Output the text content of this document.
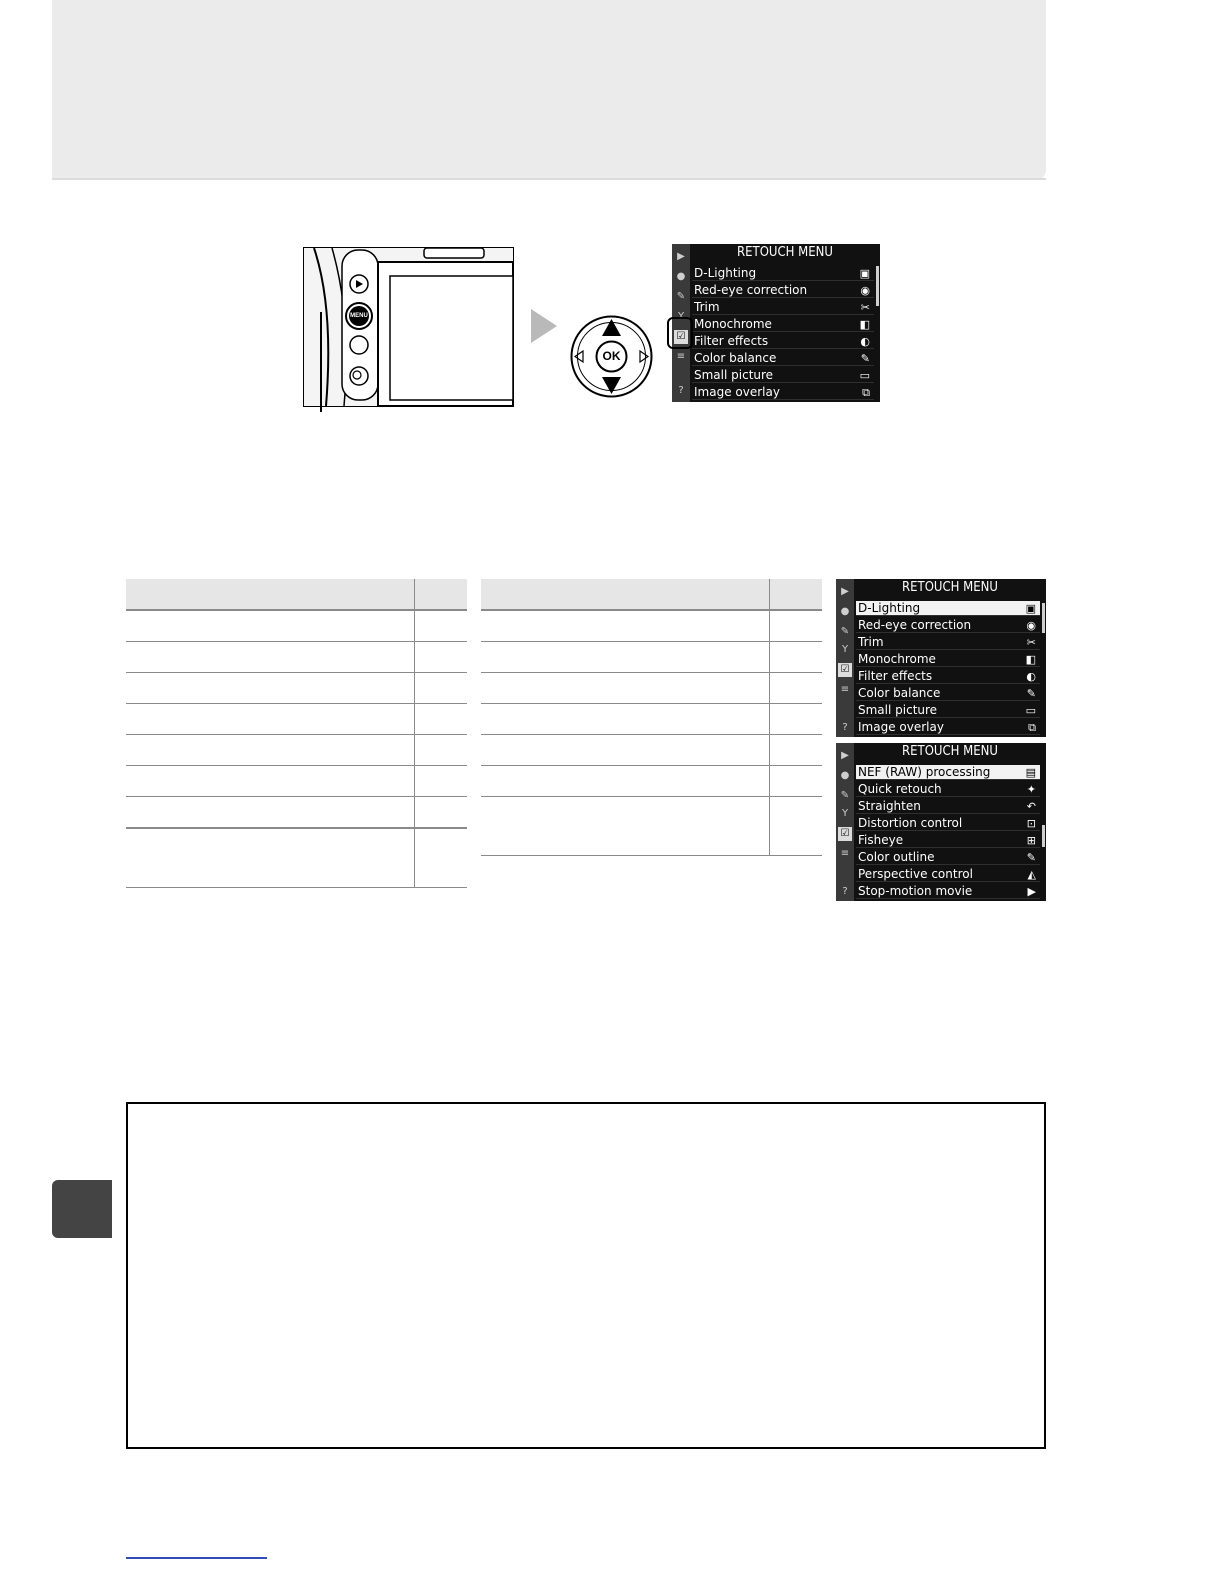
MENU
OK
▶
●
✎
Y
☑
≡
?
RETOUCH MENU
D-Lighting	▣
Red-eye correction	◉
Trim	✂
Monochrome	◧
Filter effects	◐
Color balance	✎
Small picture	▭
Image overlay	⧉

▶
●
✎
Y
☑
≡
?
RETOUCH MENU
D-Lighting	▣
Red-eye correction	◉
Trim	✂
Monochrome	◧
Filter effects	◐
Color balance	✎
Small picture	▭
Image overlay	⧉
▶
●
✎
Y
☑
≡
?
RETOUCH MENU
NEF (RAW) processing	▤
Quick retouch	✦
Straighten	↶
Distortion control	⊡
Fisheye	⊞
Color outline	✎
Perspective control	◭
Stop-motion movie	▶
